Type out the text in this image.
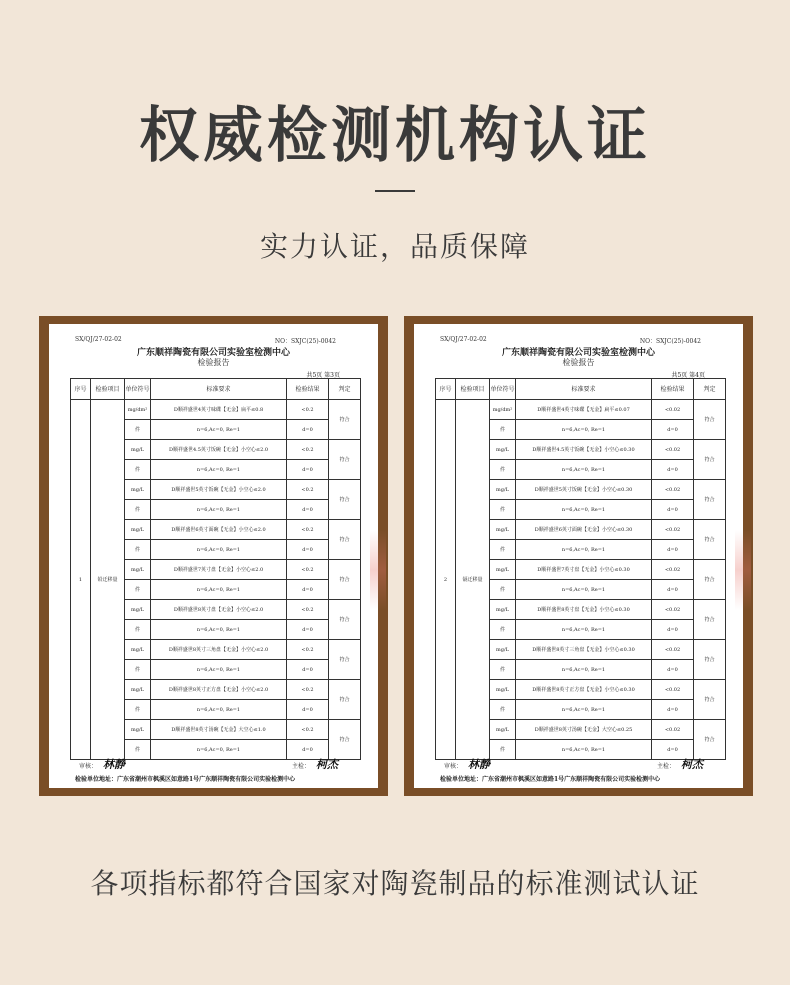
权威检测机构认证
实力认证，品质保障
SX/QJ/27-02-02	NO：SXJC(25)-0042
广东顺祥陶瓷有限公司实验室检测中心
检验报告
共5页 第3页
序号	检验项目	单位符号	标准要求	检验结果	判定
1	铅迁移量	mg/dm²	D顺祥盛世4英寸味碟【无金】扁平≤0.8	<0.2	符合
		件	n=6,Ac=0, Re=1	d=0	
		mg/L	D顺祥盛世4.5英寸饭碗【无金】小空心≤2.0	<0.2	符合
		件	n=6,Ac=0, Re=1	d=0	
		mg/L	D顺祥盛世5英寸饭碗【无金】小空心≤2.0	<0.2	符合
		件	n=6,Ac=0, Re=1	d=0	
		mg/L	D顺祥盛世6英寸面碗【无金】小空心≤2.0	<0.2	符合
		件	n=6,Ac=0, Re=1	d=0	
		mg/L	D顺祥盛世7英寸盘【无金】小空心≤2.0	<0.2	符合
		件	n=6,Ac=0, Re=1	d=0	
		mg/L	D顺祥盛世8英寸盘【无金】小空心≤2.0	<0.2	符合
		件	n=6,Ac=0, Re=1	d=0	
		mg/L	D顺祥盛世8英寸三角盘【无金】小空心≤2.0	<0.2	符合
		件	n=6,Ac=0, Re=1	d=0	
		mg/L	D顺祥盛世8英寸正方盘【无金】小空心≤2.0	<0.2	符合
		件	n=6,Ac=0, Re=1	d=0	
		mg/L	D顺祥盛世8英寸汤碗【无金】大空心≤1.0	<0.2	符合
		件	n=6,Ac=0, Re=1	d=0	
审核： 林静	主检： 柯杰
检验单位地址：广东省潮州市枫溪区如意路1号广东顺祥陶瓷有限公司实验检测中心
SX/QJ/27-02-02	NO：SXJC(25)-0042
广东顺祥陶瓷有限公司实验室检测中心
检验报告
共5页 第4页
序号	检验项目	单位符号	标准要求	检验结果	判定
2	镉迁移量	mg/dm²	D顺祥盛世4英寸味碟【无金】扁平≤0.07	<0.02	符合
		件	n=6,Ac=0, Re=1	d=0	
		mg/L	D顺祥盛世4.5英寸饭碗【无金】小空心≤0.30	<0.02	符合
		件	n=6,Ac=0, Re=1	d=0	
		mg/L	D顺祥盛世5英寸饭碗【无金】小空心≤0.30	<0.02	符合
		件	n=6,Ac=0, Re=1	d=0	
		mg/L	D顺祥盛世6英寸面碗【无金】小空心≤0.30	<0.02	符合
		件	n=6,Ac=0, Re=1	d=0	
		mg/L	D顺祥盛世7英寸盘【无金】小空心≤0.30	<0.02	符合
		件	n=6,Ac=0, Re=1	d=0	
		mg/L	D顺祥盛世8英寸盘【无金】小空心≤0.30	<0.02	符合
		件	n=6,Ac=0, Re=1	d=0	
		mg/L	D顺祥盛世8英寸三角盘【无金】小空心≤0.30	<0.02	符合
		件	n=6,Ac=0, Re=1	d=0	
		mg/L	D顺祥盛世8英寸正方盘【无金】小空心≤0.30	<0.02	符合
		件	n=6,Ac=0, Re=1	d=0	
		mg/L	D顺祥盛世8英寸汤碗【无金】大空心≤0.25	<0.02	符合
		件	n=6,Ac=0, Re=1	d=0	
审核： 林静	主检： 柯杰
检验单位地址：广东省潮州市枫溪区如意路1号广东顺祥陶瓷有限公司实验检测中心
各项指标都符合国家对陶瓷制品的标准测试认证
